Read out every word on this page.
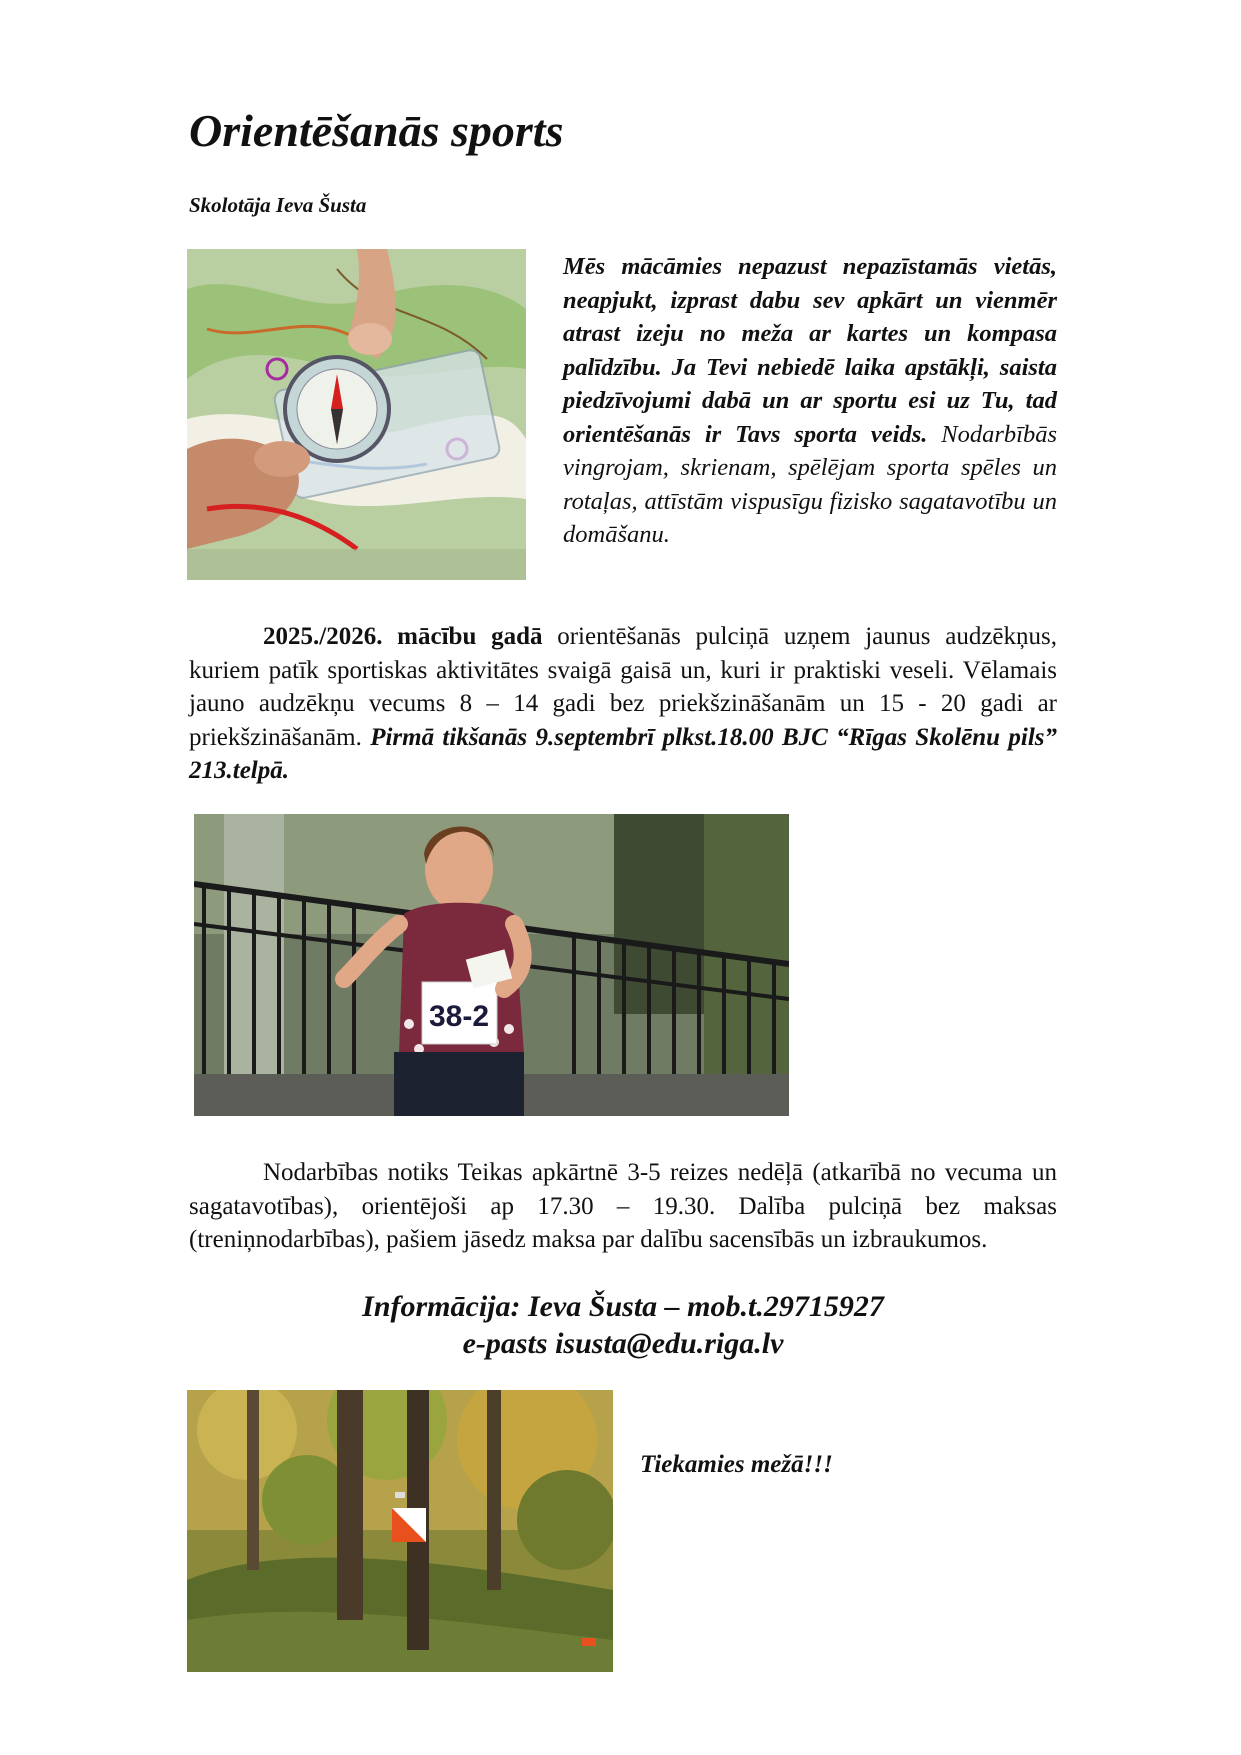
Orientēšanās sports
Skolotāja Ieva Šusta
Mēs mācāmies nepazust nepazīstamās vietās, neapjukt, izprast dabu sev apkārt un vienmēr atrast izeju no meža ar kartes un kompasa palīdzību. Ja Tevi nebiedē laika apstākļi, saista piedzīvojumi dabā un ar sportu esi uz Tu, tad orientēšanās ir Tavs sporta veids. Nodarbībās vingrojam, skrienam, spēlējam sporta spēles un rotaļas, attīstām vispusīgu fizisko sagatavotību un domāšanu.
2025./2026. mācību gadā orientēšanās pulciņā uzņem jaunus audzēkņus, kuriem patīk sportiskas aktivitātes svaigā gaisā un, kuri ir praktiski veseli. Vēlamais jauno audzēkņu vecums 8 – 14 gadi bez priekšzināšanām un 15 - 20 gadi ar priekšzināšanām. Pirmā tikšanās 9.septembrī plkst.18.00 BJC “Rīgas Skolēnu pils” 213.telpā.
38-2
Nodarbības notiks Teikas apkārtnē 3-5 reizes nedēļā (atkarībā no vecuma un sagatavotības), orientējoši ap 17.30 – 19.30. Dalība pulciņā bez maksas (treniņnodarbības), pašiem jāsedz maksa par dalību sacensībās un izbraukumos.
Informācija: Ieva Šusta – mob.t.29715927
e-pasts isusta@edu.riga.lv
Tiekamies mežā!!!
